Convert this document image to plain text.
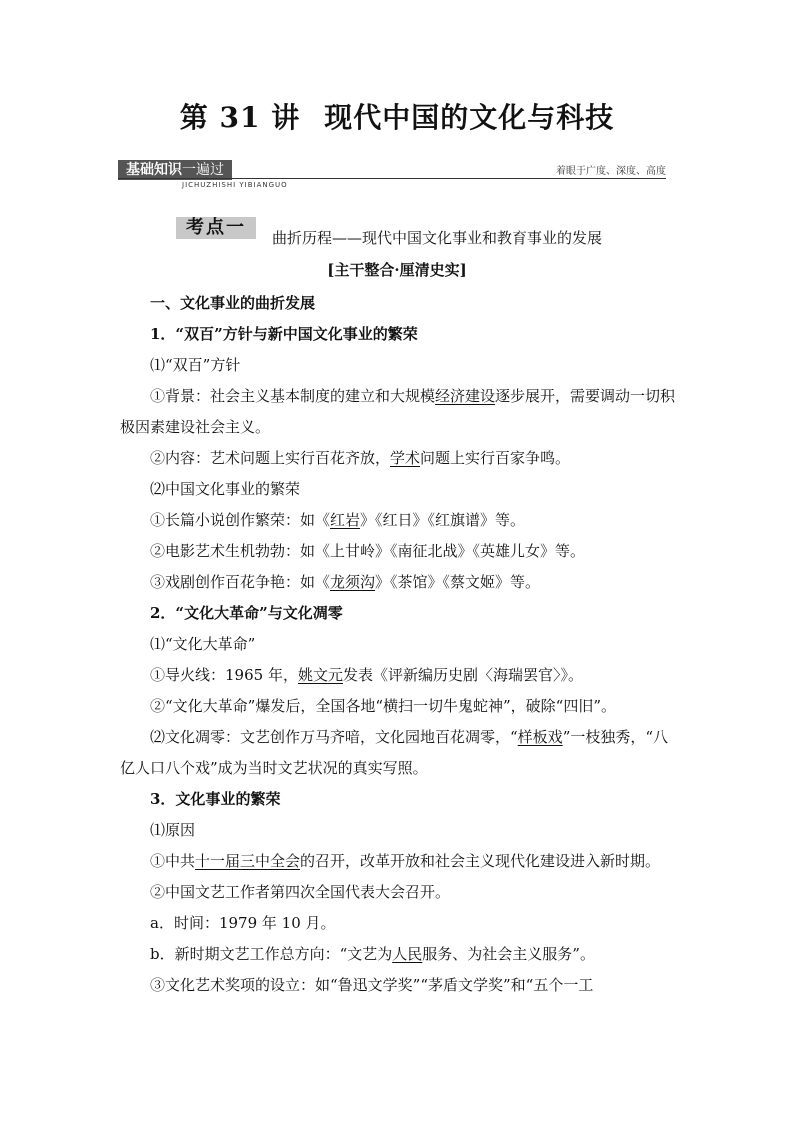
第 31 讲 现代中国的文化与科技
基础知识一遍过
JICHUZHISHI YIBIANGUO
着眼于广度、深度、高度
考点一	曲折历程——现代中国文化事业和教育事业的发展
[主干整合·厘清史实]

一、文化事业的曲折发展

1．“双百”方针与新中国文化事业的繁荣

⑴“双百”方针

①背景：社会主义基本制度的建立和大规模经济建设逐步展开，需要调动一切积极因素建设社会主义。

②内容：艺术问题上实行百花齐放，学术问题上实行百家争鸣。

⑵中国文化事业的繁荣

①长篇小说创作繁荣：如《红岩》《红日》《红旗谱》等。

②电影艺术生机勃勃：如《上甘岭》《南征北战》《英雄儿女》等。

③戏剧创作百花争艳：如《龙须沟》《茶馆》《蔡文姬》等。

2．“文化大革命”与文化凋零

⑴“文化大革命”

①导火线：1965 年，姚文元发表《评新编历史剧〈海瑞罢官〉》。

②“文化大革命”爆发后，全国各地“横扫一切牛鬼蛇神”，破除“四旧”。

⑵文化凋零：文艺创作万马齐喑，文化园地百花凋零，“样板戏”一枝独秀，“八亿人口八个戏”成为当时文艺状况的真实写照。

3．文化事业的繁荣

⑴原因

①中共十一届三中全会的召开，改革开放和社会主义现代化建设进入新时期。

②中国文艺工作者第四次全国代表大会召开。

a．时间：1979 年 10 月。

b．新时期文艺工作总方向：“文艺为人民服务、为社会主义服务”。

③文化艺术奖项的设立：如“鲁迅文学奖”“茅盾文学奖”和“五个一工
